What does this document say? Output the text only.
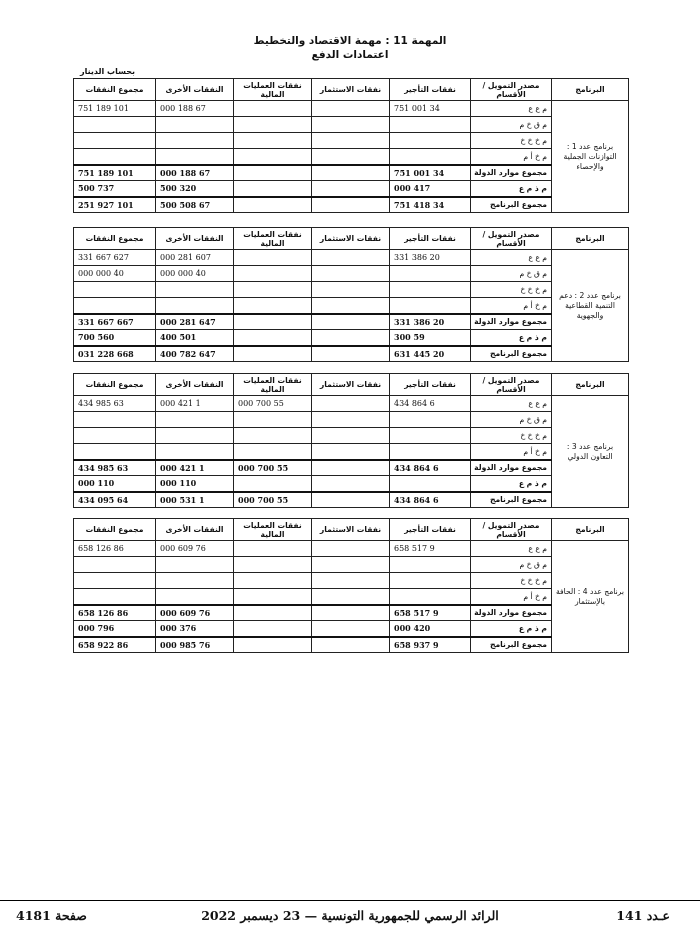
المهمة 11 : مهمة الاقتصاد والتخطيط
اعتمادات الدفع
بحساب الدينار
البرنامج	مصدر التمويل / الأقسام	نفقات التأجير	نفقات الاستثمار	نفقات العمليات المالية	النفقات الأخرى	مجموع النفقات
برنامج عدد 1 : التوازنات الجملية والإحصاء	م ع ع	34 001 751			67 188 000	101 189 751
	م ق خ م					
	م خ خ خ					
	م خ أ م					
	مجموع موارد الدولة	34 001 751			67 188 000	101 189 751
	م ذ م ع	417 000			320 500	737 500
	مجموع البرنامج	34 418 751			67 508 500	101 927 251
البرنامج	مصدر التمويل / الأقسام	نفقات التأجير	نفقات الاستثمار	نفقات العمليات المالية	النفقات الأخرى	مجموع النفقات
برنامج عدد 2 : دعم التنمية القطاعية والجهوية	م ع ع	20 386 331			607 281 000	627 667 331
	م ق خ م				40 000 000	40 000 000
	م خ خ خ					
	م خ أ م					
	مجموع موارد الدولة	20 386 331			647 281 000	667 667 331
	م ذ م ع	59 300			501 400	560 700
	مجموع البرنامج	20 445 631			647 782 400	668 228 031
البرنامج	مصدر التمويل / الأقسام	نفقات التأجير	نفقات الاستثمار	نفقات العمليات المالية	النفقات الأخرى	مجموع النفقات
برنامج عدد 3 : التعاون الدولي	م ع ع	6 864 434		55 700 000	1 421 000	63 985 434
	م ق خ م					
	م خ خ خ					
	م خ أ م					
	مجموع موارد الدولة	6 864 434		55 700 000	1 421 000	63 985 434
	م ذ م ع				110 000	110 000
	مجموع البرنامج	6 864 434		55 700 000	1 531 000	64 095 434
البرنامج	مصدر التمويل / الأقسام	نفقات التأجير	نفقات الاستثمار	نفقات العمليات المالية	النفقات الأخرى	مجموع النفقات
برنامج عدد 4 : الحافة بالإستثمار	م ع ع	9 517 658			76 609 000	86 126 658
	م ق خ م					
	م خ خ خ					
	م خ أ م					
	مجموع موارد الدولة	9 517 658			76 609 000	86 126 658
	م ذ م ع	420 000			376 000	796 000
	مجموع البرنامج	9 937 658			76 985 000	86 922 658
عـدد 141
الرائد الرسمي للجمهورية التونسية — 23 ديسمبر 2022
صفحة 4181
